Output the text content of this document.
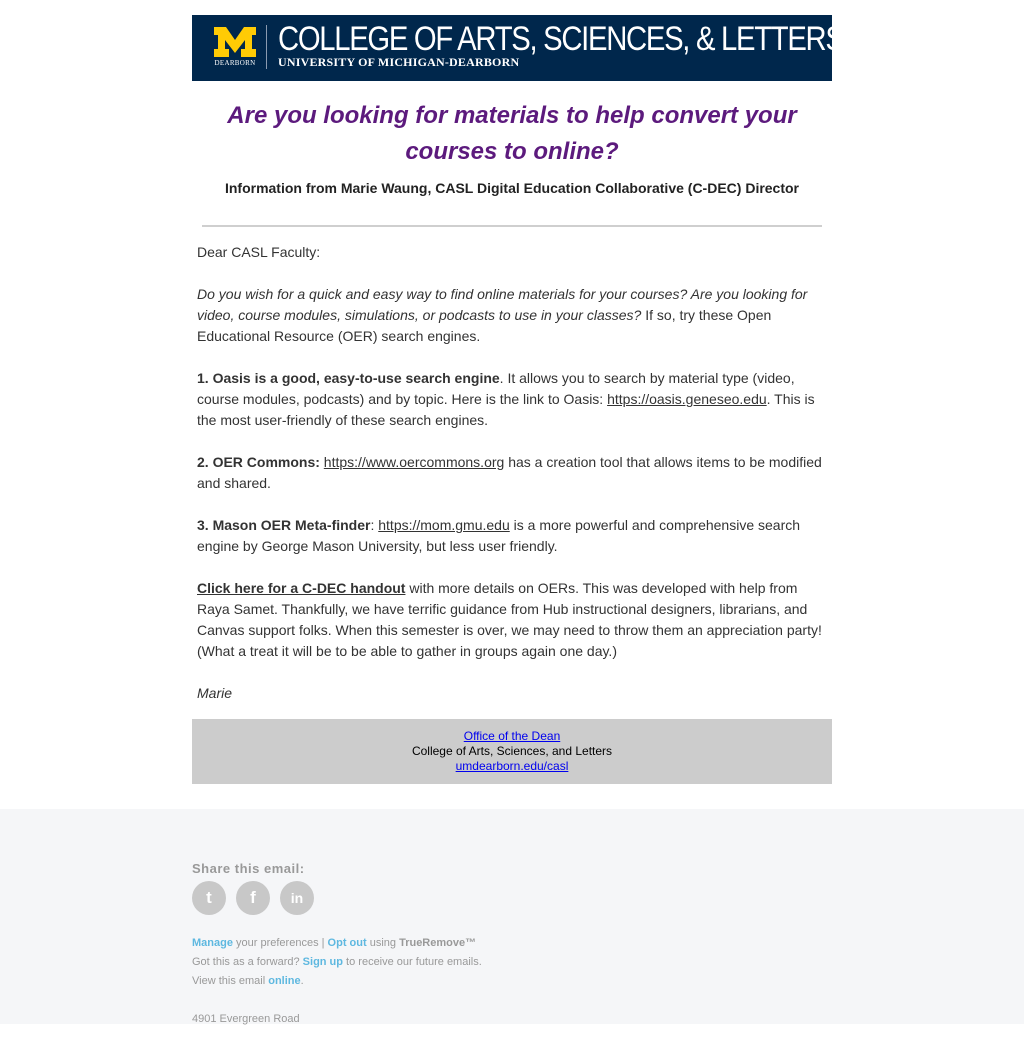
DEARBORN
COLLEGE OF ARTS, SCIENCES, & LETTERS
UNIVERSITY OF MICHIGAN-DEARBORN
Are you looking for materials to help convert your courses to online?
Information from Marie Waung, CASL Digital Education Collaborative (C-DEC) Director

Dear CASL Faculty:

Do you wish for a quick and easy way to find online materials for your courses? Are you looking for video, course modules, simulations, or podcasts to use in your classes? If so, try these Open Educational Resource (OER) search engines.

1. Oasis is a good, easy-to-use search engine. It allows you to search by material type (video, course modules, podcasts) and by topic. Here is the link to Oasis: https://oasis.geneseo.edu. This is the most user-friendly of these search engines.

2. OER Commons: https://www.oercommons.org has a creation tool that allows items to be modified and shared.

3. Mason OER Meta-finder: https://mom.gmu.edu is a more powerful and comprehensive search engine by George Mason University, but less user friendly.

Click here for a C-DEC handout with more details on OERs. This was developed with help from Raya Samet. Thankfully, we have terrific guidance from Hub instructional designers, librarians, and Canvas support folks. When this semester is over, we may need to throw them an appreciation party! (What a treat it will be to be able to gather in groups again one day.)

Marie

Office of the Dean
College of Arts, Sciences, and Letters
umdearborn.edu/casl
Share this email:
t	f	in
Manage your preferences | Opt out using TrueRemove™
Got this as a forward? Sign up to receive our future emails.
View this email online.
4901 Evergreen Road
